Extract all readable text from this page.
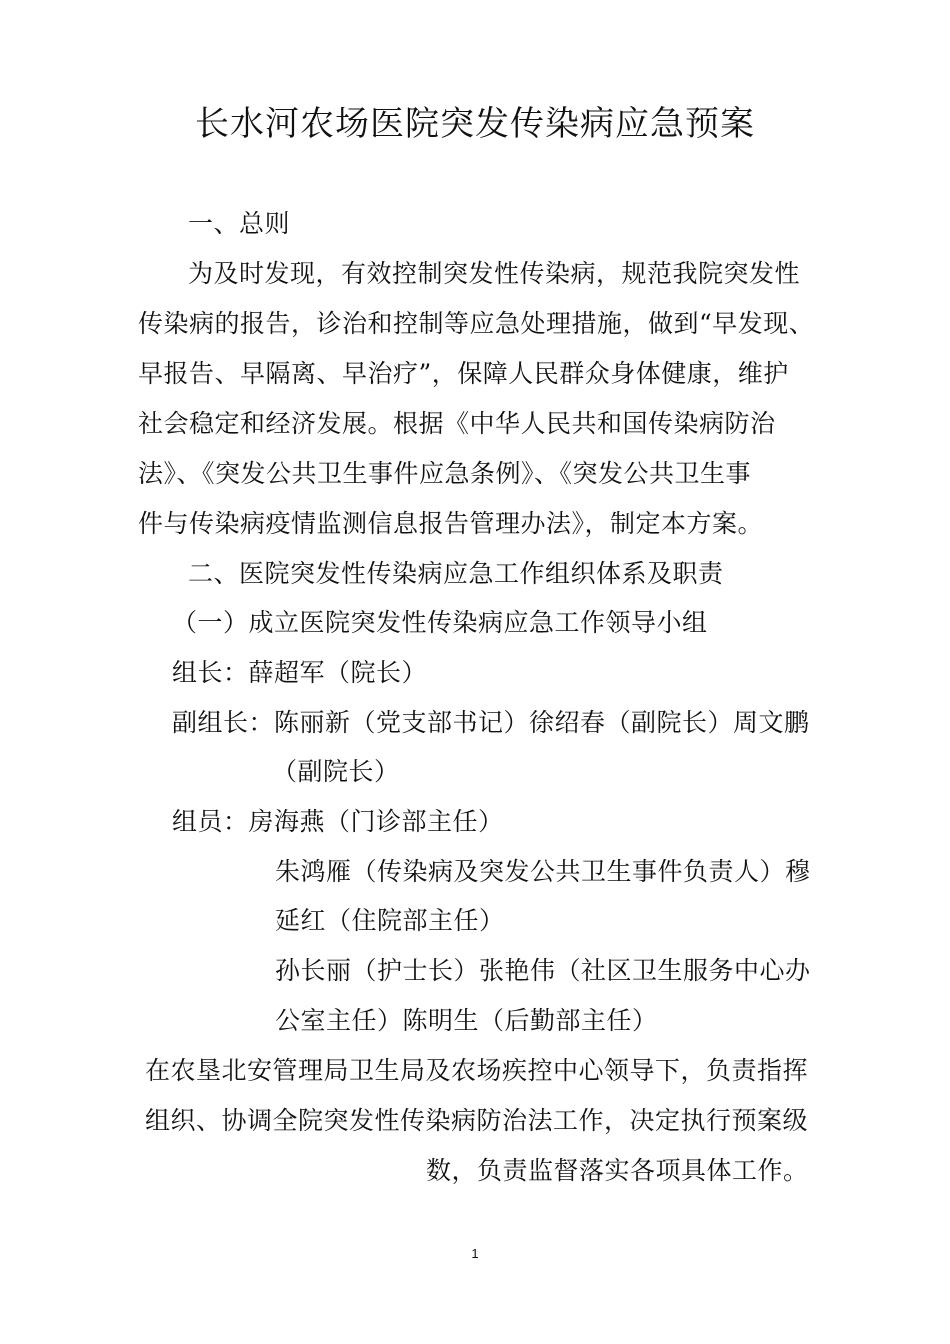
长水河农场医院突发传染病应急预案
一、总则
为及时发现，有效控制突发性传染病，规范我院突发性
传染病的报告，诊治和控制等应急处理措施，做到“早发现、
早报告、早隔离、早治疗”，保障人民群众身体健康，维护
社会稳定和经济发展。根据《中华人民共和国传染病防治
法》、《突发公共卫生事件应急条例》、《突发公共卫生事
件与传染病疫情监测信息报告管理办法》，制定本方案。
二、医院突发性传染病应急工作组织体系及职责
（一）成立医院突发性传染病应急工作领导小组
组长：薛超军（院长）
副组长：陈丽新（党支部书记）徐绍春（副院长）周文鹏
（副院长）
组员：房海燕（门诊部主任）
朱鸿雁（传染病及突发公共卫生事件负责人）穆
延红（住院部主任）
孙长丽（护士长）张艳伟（社区卫生服务中心办
公室主任）陈明生（后勤部主任）
在农垦北安管理局卫生局及农场疾控中心领导下，负责指挥
组织、协调全院突发性传染病防治法工作，决定执行预案级
数，负责监督落实各项具体工作。
1
